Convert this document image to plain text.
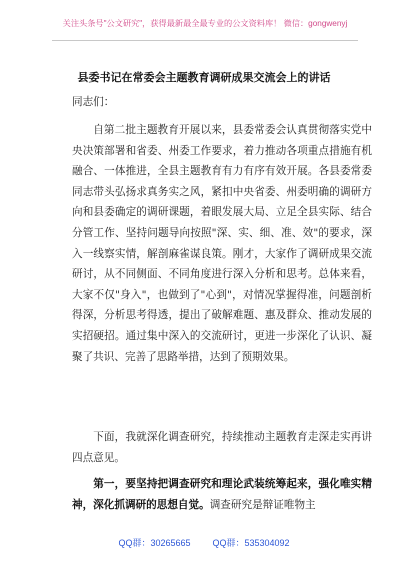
关注头条号"公文研究"，获得最新最全最专业的公文资料库！ 微信：gongwenyj
县委书记在常委会主题教育调研成果交流会上的讲话
同志们：
自第二批主题教育开展以来，县委常委会认真贯彻落实党中央决策部署和省委、州委工作要求，着力推动各项重点措施有机融合、一体推进，全县主题教育有力有序有效开展。各县委常委同志带头弘扬求真务实之风，紧扣中央省委、州委明确的调研方向和县委确定的调研课题，着眼发展大局、立足全县实际、结合分管工作、坚持问题导向按照"深、实、细、准、效"的要求，深入一线察实情，解剖麻雀谋良策。刚才，大家作了调研成果交流研讨，从不同侧面、不同角度进行深入分析和思考。总体来看，大家不仅"身入"，也做到了"心到"，对情况掌握得准，问题剖析得深，分析思考得透，提出了破解难题、惠及群众、推动发展的实招硬招。通过集中深入的交流研讨，更进一步深化了认识、凝聚了共识、完善了思路举措，达到了预期效果。
下面，我就深化调查研究，持续推动主题教育走深走实再讲四点意见。
第一，要坚持把调查研究和理论武装统筹起来，强化唯实精神，深化抓调研的思想自觉。调查研究是辩证唯物主
QQ群：30265665 QQ群：535304092
